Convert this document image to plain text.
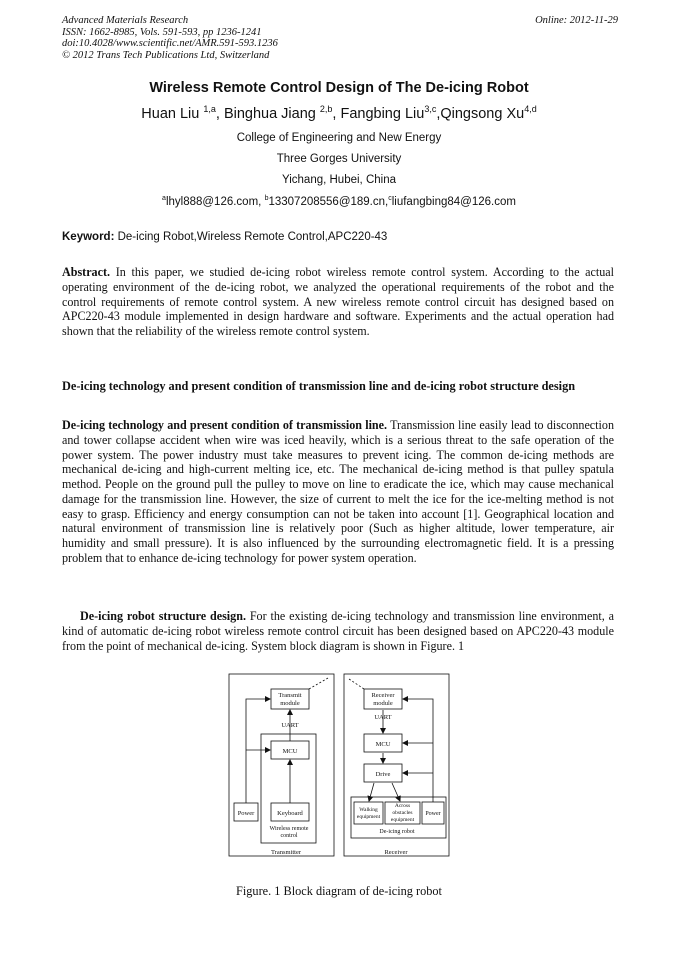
Advanced Materials Research
ISSN: 1662-8985, Vols. 591-593, pp 1236-1241
doi:10.4028/www.scientific.net/AMR.591-593.1236
© 2012 Trans Tech Publications Ltd, Switzerland
Online: 2012-11-29
Wireless Remote Control Design of The De-icing Robot
Huan Liu $^{1,a}$, Binghua Jiang $^{2,b}$, Fangbing Liu$^{3,c}$,Qingsong Xu$^{4,d}$
College of Engineering and New Energy
Three Gorges University
Yichang, Hubei, China
$^a$lhyl888@126.com, $^b$13307208556@189.cn,$^c$liufangbing84@126.com
Keyword: De-icing Robot,Wireless Remote Control,APC220-43

Abstract. In this paper, we studied de-icing robot wireless remote control system. According to the actual operating environment of the de-icing robot, we analyzed the operational requirements of the robot and the control requirements of remote control system. A new wireless remote control circuit has designed based on APC220-43 module implemented in design hardware and software. Experiments and the actual operation had shown that the reliability of the wireless remote control system.

De-icing technology and present condition of transmission line and de-icing robot structure design

De-icing technology and present condition of transmission line. Transmission line easily lead to disconnection and tower collapse accident when wire was iced heavily, which is a serious threat to the safe operation of the power system. The power industry must take measures to prevent icing. The common de-icing methods are mechanical de-icing and high-current melting ice, etc. The mechanical de-icing method is that pulley spatula method. People on the ground pull the pulley to move on line to eradicate the ice, which may cause mechanical damage for the transmission line. However, the size of current to melt the ice for the ice-melting method is not easy to grasp. Efficiency and energy consumption can not be taken into account [1]. Geographical location and natural environment of transmission line is relatively poor (Such as higher altitude, lower temperature, air humidity and small pressure). It is also influenced by the surrounding electromagnetic field. It is a pressing problem that to enhance de-icing technology for power system operation.

De-icing robot structure design. For the existing de-icing technology and transmission line environment, a kind of automatic de-icing robot wireless remote control circuit has been designed based on APC220-43 module from the point of mechanical de-icing. System block diagram is shown in Figure. 1

Transmit
module
UART
MCU
Keyboard
Power
Wireless remote
control
Transmitter
Receiver
module
UART
MCU
Drive
Walking
equipment
Across
obstacles
equipment
Power
De-icing robot
Receiver
Figure. 1 Block diagram of de-icing robot
